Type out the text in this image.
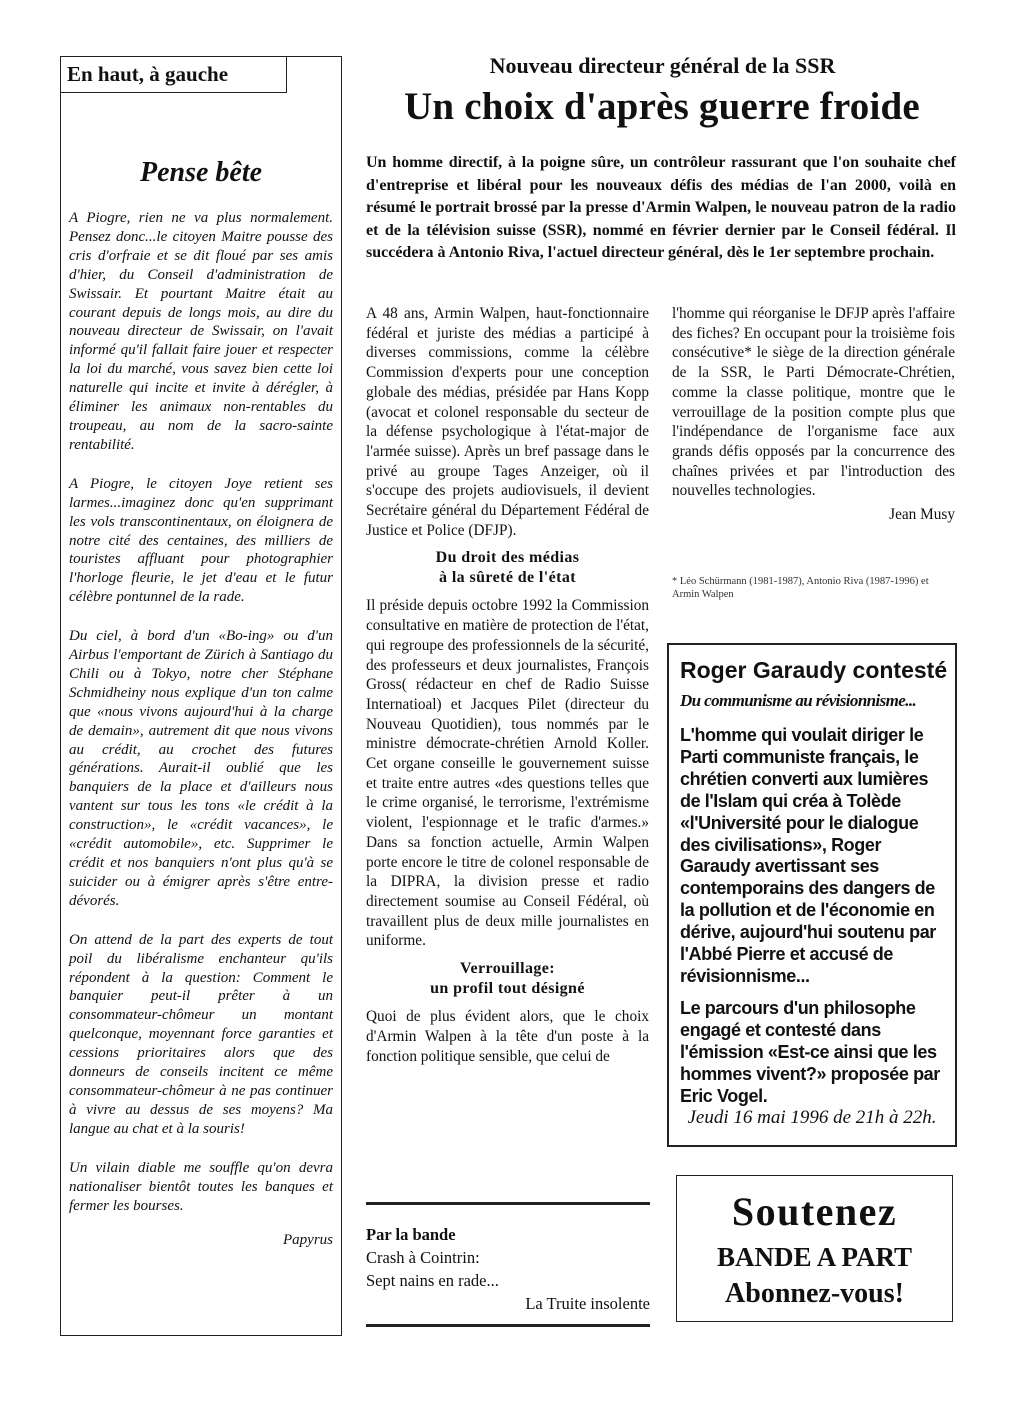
En haut, à gauche
Pense bête

A Piogre, rien ne va plus normalement. Pensez donc...le citoyen Maitre pousse des cris d'orfraie et se dit floué par ses amis d'hier, du Conseil d'administration de Swissair. Et pourtant Maitre était au courant depuis de longs mois, au dire du nouveau directeur de Swissair, on l'avait informé qu'il fallait faire jouer et respecter la loi du marché, vous savez bien cette loi naturelle qui incite et invite à dérégler, à éliminer les animaux non-rentables du troupeau, au nom de la sacro-sainte rentabilité.

A Piogre, le citoyen Joye retient ses larmes...imaginez donc qu'en supprimant les vols transcontinentaux, on éloignera de notre cité des centaines, des milliers de touristes affluant pour photographier l'horloge fleurie, le jet d'eau et le futur célèbre pontunnel de la rade.

Du ciel, à bord d'un «Bo-ing» ou d'un Airbus l'emportant de Zürich à Santiago du Chili ou à Tokyo, notre cher Stéphane Schmidheiny nous explique d'un ton calme que «nous vivons aujourd'hui à la charge de demain», autrement dit que nous vivons au crédit, au crochet des futures générations. Aurait-il oublié que les banquiers de la place et d'ailleurs nous vantent sur tous les tons «le crédit à la construction», le «crédit vacances», le «crédit automobile», etc. Supprimer le crédit et nos banquiers n'ont plus qu'à se suicider ou à émigrer après s'être entre-dévorés.

On attend de la part des experts de tout poil du libéralisme enchanteur qu'ils répondent à la question: Comment le banquier peut-il prêter à un consommateur-chômeur un montant quelconque, moyennant force garanties et cessions prioritaires alors que des donneurs de conseils incitent ce même consommateur-chômeur à ne pas continuer à vivre au dessus de ses moyens? Ma langue au chat et à la souris!

Un vilain diable me souffle qu'on devra nationaliser bientôt toutes les banques et fermer les bourses.

Papyrus
Nouveau directeur général de la SSR
Un choix d'après guerre froide
Un homme directif, à la poigne sûre, un contrôleur rassurant que l'on souhaite chef d'entreprise et libéral pour les nouveaux défis des médias de l'an 2000, voilà en résumé le portrait brossé par la presse d'Armin Walpen, le nouveau patron de la radio et de la télévision suisse (SSR), nommé en février dernier par le Conseil fédéral. Il succédera à Antonio Riva, l'actuel directeur général, dès le 1er septembre prochain.

A 48 ans, Armin Walpen, haut-fonctionnaire fédéral et juriste des médias a participé à diverses commissions, comme la célèbre Commission d'experts pour une conception globale des médias, présidée par Hans Kopp (avocat et colonel responsable du secteur de la défense psychologique à l'état-major de l'armée suisse). Après un bref passage dans le privé au groupe Tages Anzeiger, où il s'occupe des projets audiovisuels, il devient Secrétaire général du Département Fédéral de Justice et Police (DFJP).

Du droit des médias
à la sûreté de l'état

Il préside depuis octobre 1992 la Commission consultative en matière de protection de l'état, qui regroupe des professionnels de la sécurité, des professeurs et deux journalistes, François Gross( rédacteur en chef de Radio Suisse Internatioal) et Jacques Pilet (directeur du Nouveau Quotidien), tous nommés par le ministre démocrate-chrétien Arnold Koller. Cet organe conseille le gouvernement suisse et traite entre autres «des questions telles que le crime organisé, le terrorisme, l'extrémisme violent, l'espionnage et le trafic d'armes.» Dans sa fonction actuelle, Armin Walpen porte encore le titre de colonel responsable de la DIPRA, la division presse et radio directement soumise au Conseil Fédéral, où travaillent plus de deux mille journalistes en uniforme.

Verrouillage:
un profil tout désigné

Quoi de plus évident alors, que le choix d'Armin Walpen à la tête d'un poste à la fonction politique sensible, que celui de

l'homme qui réorganise le DFJP après l'affaire des fiches? En occupant pour la troisième fois consécutive* le siège de la direction générale de la SSR, le Parti Démocrate-Chrétien, comme la classe politique, montre que le verrouillage de la position compte plus que l'indépendance de l'organisme face aux grands défis opposés par la concurrence des chaînes privées et par l'introduction des nouvelles technologies.

Jean Musy
* Léo Schürmann (1981-1987), Antonio Riva (1987-1996) et Armin Walpen
Roger Garaudy contesté
Du communisme au révisionnisme...

L'homme qui voulait diriger le Parti communiste français, le chrétien converti aux lumières de l'Islam qui créa à Tolède «l'Université pour le dialogue des civilisations», Roger Garaudy avertissant ses contemporains des dangers de la pollution et de l'économie en dérive, aujourd'hui soutenu par l'Abbé Pierre et accusé de révisionnisme...

Le parcours d'un philosophe engagé et contesté dans l'émission «Est-ce ainsi que les hommes vivent?» proposée par Eric Vogel.

Jeudi 16 mai 1996 de 21h à 22h.
Par la bande
Crash à Cointrin:
Sept nains en rade...
La Truite insolente
Soutenez
BANDE A PART
Abonnez-vous!
